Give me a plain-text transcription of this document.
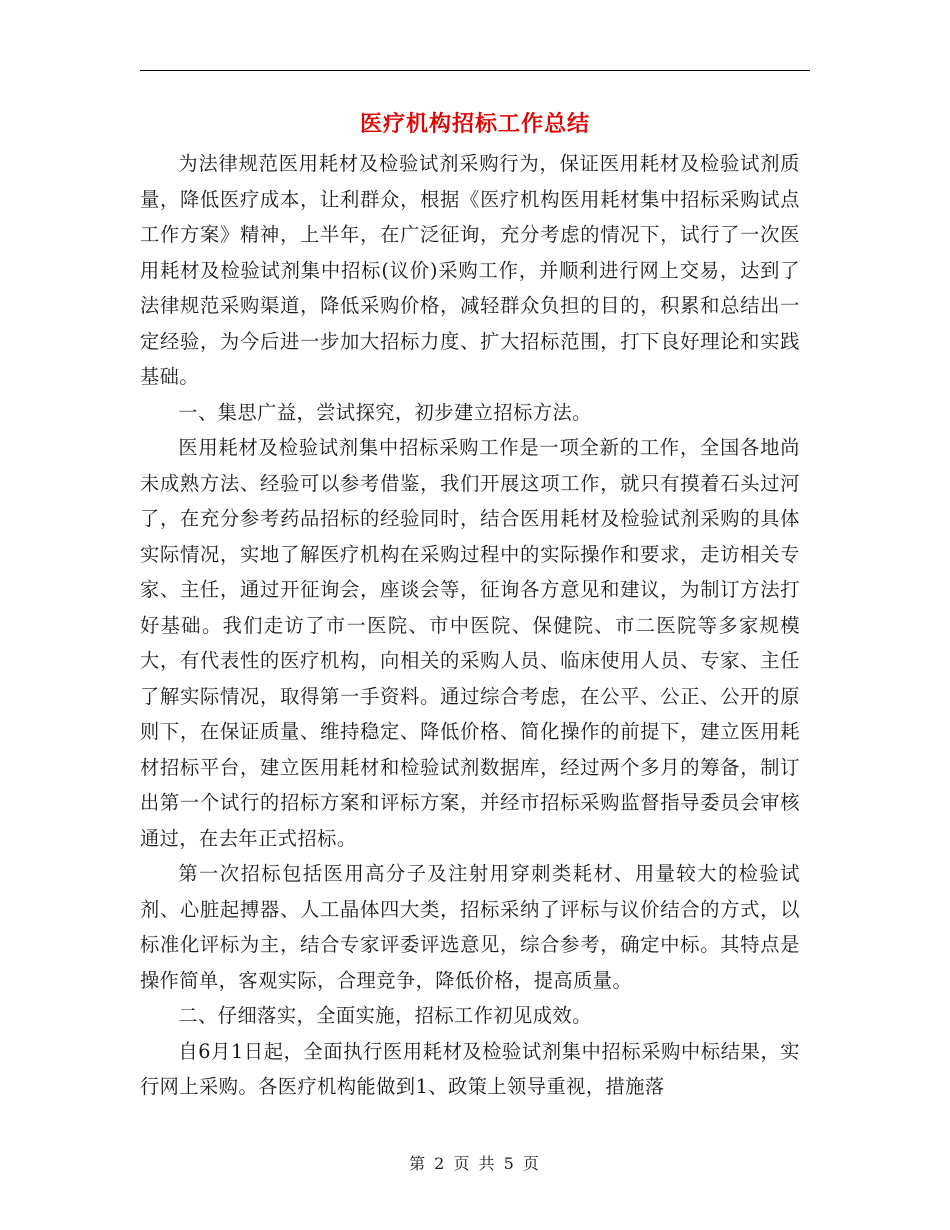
医疗机构招标工作总结

为法律规范医用耗材及检验试剂采购行为，保证医用耗材及检验试剂质量，降低医疗成本，让利群众，根据《医疗机构医用耗材集中招标采购试点工作方案》精神，上半年，在广泛征询，充分考虑的情况下，试行了一次医用耗材及检验试剂集中招标(议价)采购工作，并顺利进行网上交易，达到了法律规范采购渠道，降低采购价格，减轻群众负担的目的，积累和总结出一定经验，为今后进一步加大招标力度、扩大招标范围，打下良好理论和实践基础。

一、集思广益，尝试探究，初步建立招标方法。

医用耗材及检验试剂集中招标采购工作是一项全新的工作，全国各地尚未成熟方法、经验可以参考借鉴，我们开展这项工作，就只有摸着石头过河了，在充分参考药品招标的经验同时，结合医用耗材及检验试剂采购的具体实际情况，实地了解医疗机构在采购过程中的实际操作和要求，走访相关专家、主任，通过开征询会，座谈会等，征询各方意见和建议，为制订方法打好基础。我们走访了市一医院、市中医院、保健院、市二医院等多家规模大，有代表性的医疗机构，向相关的采购人员、临床使用人员、专家、主任了解实际情况，取得第一手资料。通过综合考虑，在公平、公正、公开的原则下，在保证质量、维持稳定、降低价格、简化操作的前提下，建立医用耗材招标平台，建立医用耗材和检验试剂数据库，经过两个多月的筹备，制订出第一个试行的招标方案和评标方案，并经市招标采购监督指导委员会审核通过，在去年正式招标。

第一次招标包括医用高分子及注射用穿刺类耗材、用量较大的检验试剂、心脏起搏器、人工晶体四大类，招标采纳了评标与议价结合的方式，以标准化评标为主，结合专家评委评选意见，综合参考，确定中标。其特点是操作简单，客观实际，合理竞争，降低价格，提高质量。

二、仔细落实，全面实施，招标工作初见成效。

自6月1日起，全面执行医用耗材及检验试剂集中招标采购中标结果，实行网上采购。各医疗机构能做到1、政策上领导重视，措施落

第 2 页 共 5 页
